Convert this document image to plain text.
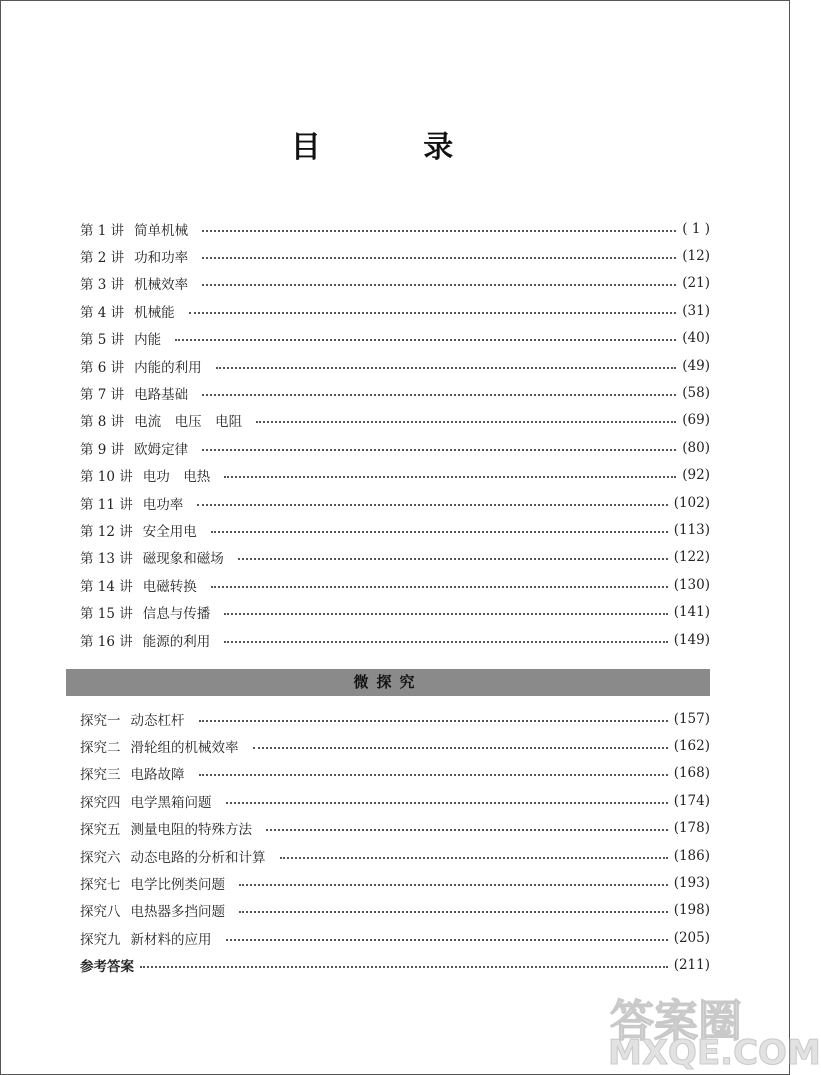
目 录
第 1 讲 简单机械	( 1 )
第 2 讲 功和功率	(12)
第 3 讲 机械效率	(21)
第 4 讲 机械能	(31)
第 5 讲 内能	(40)
第 6 讲 内能的利用	(49)
第 7 讲 电路基础	(58)
第 8 讲 电流　电压　电阻	(69)
第 9 讲 欧姆定律	(80)
第 10 讲 电功　电热	(92)
第 11 讲 电功率	(102)
第 12 讲 安全用电	(113)
第 13 讲 磁现象和磁场	(122)
第 14 讲 电磁转换	(130)
第 15 讲 信息与传播	(141)
第 16 讲 能源的利用	(149)
微探究
探究一 动态杠杆	(157)
探究二 滑轮组的机械效率	(162)
探究三 电路故障	(168)
探究四 电学黑箱问题	(174)
探究五 测量电阻的特殊方法	(178)
探究六 动态电路的分析和计算	(186)
探究七 电学比例类问题	(193)
探究八 电热器多挡问题	(198)
探究九 新材料的应用	(205)
参考答案	(211)
答案圈
MXQE.COM
